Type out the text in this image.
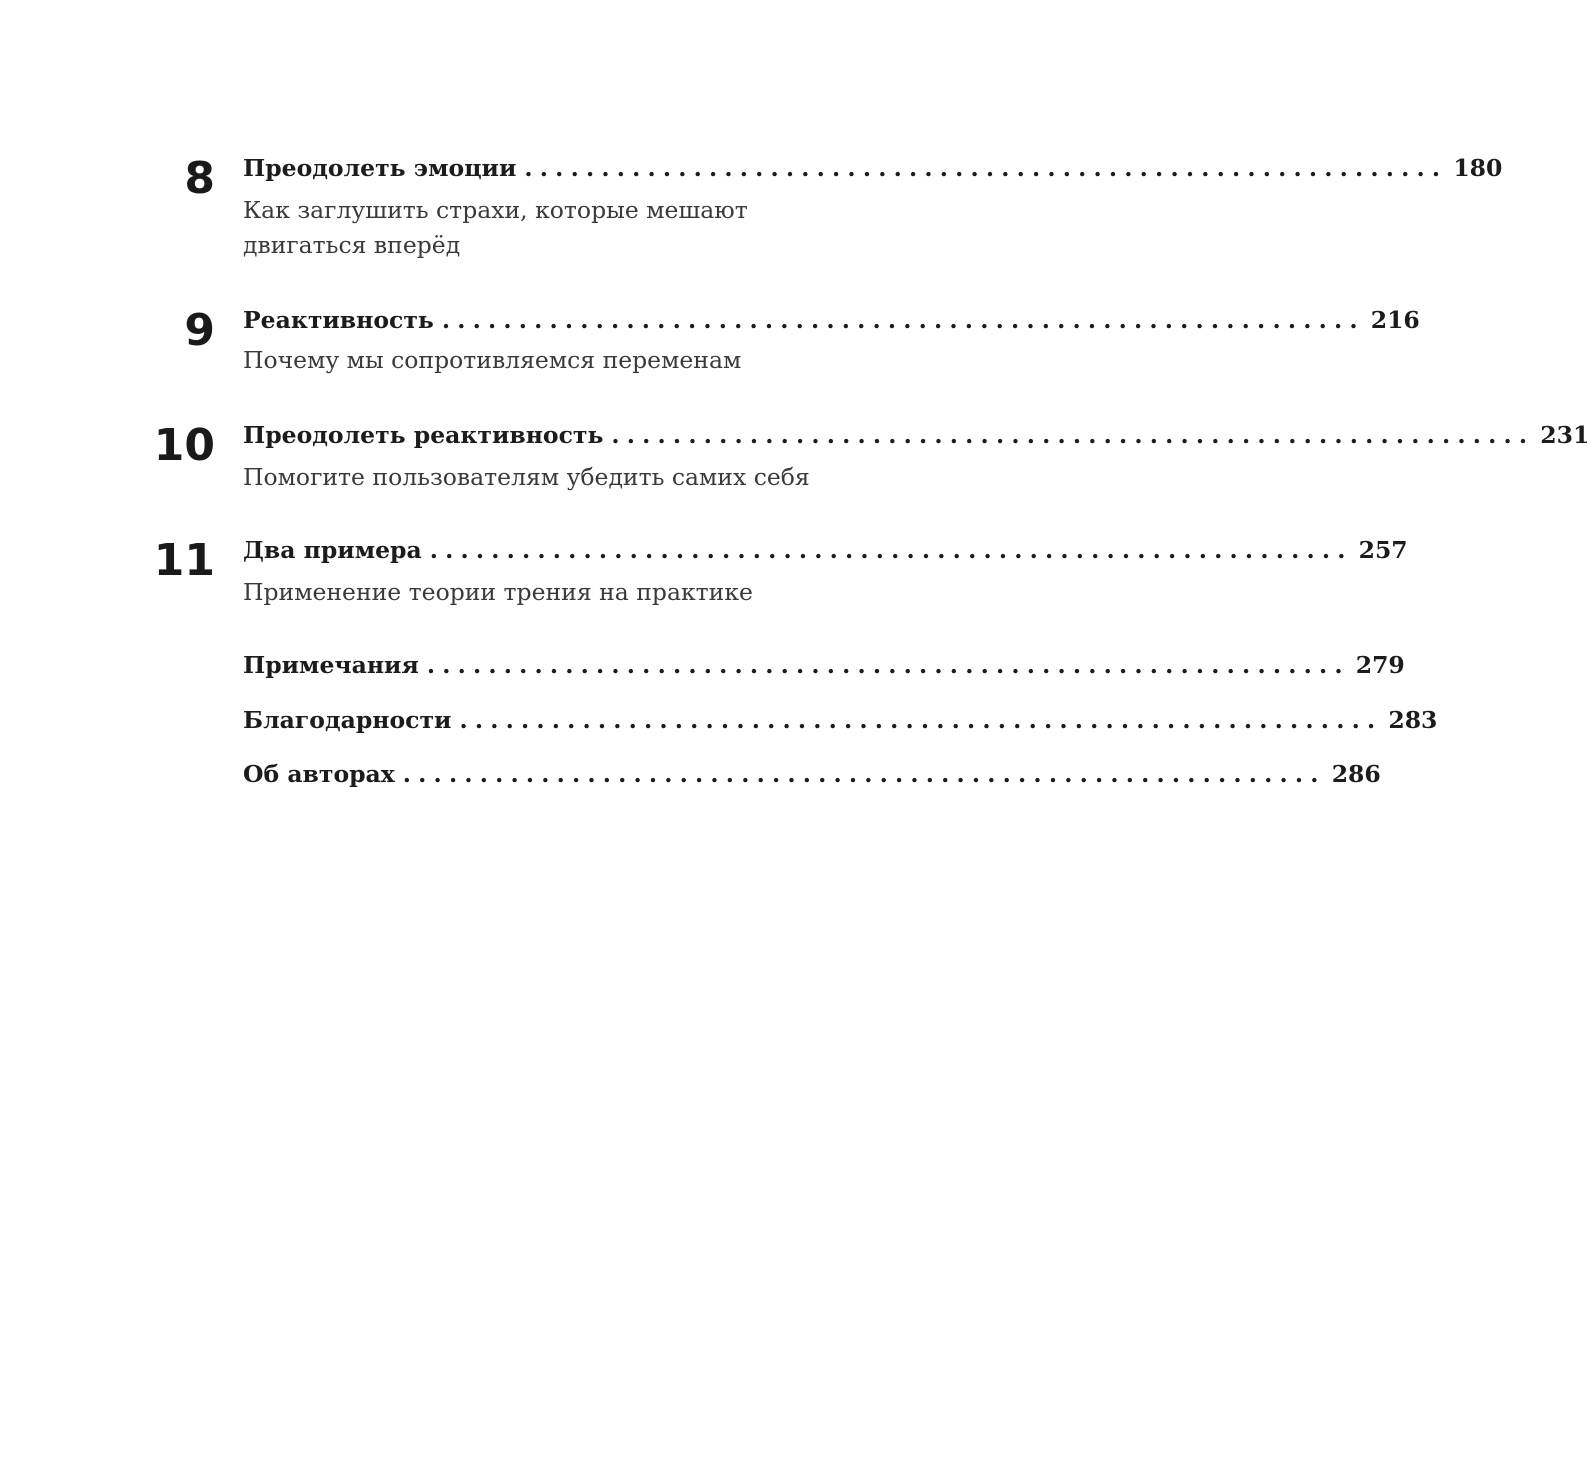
8 Преодолеть эмоции ............................................................ 180
Как заглушить страхи, которые мешают двигаться вперёд
9 Реактивность ............................................................ 216
Почему мы сопротивляемся переменам
10 Преодолеть реактивность ............................................................ 231
Помогите пользователям убедить самих себя
11 Два примера ............................................................ 257
Применение теории трения на практике
Примечания ............................................................ 279
Благодарности ............................................................ 283
Об авторах ............................................................ 286
